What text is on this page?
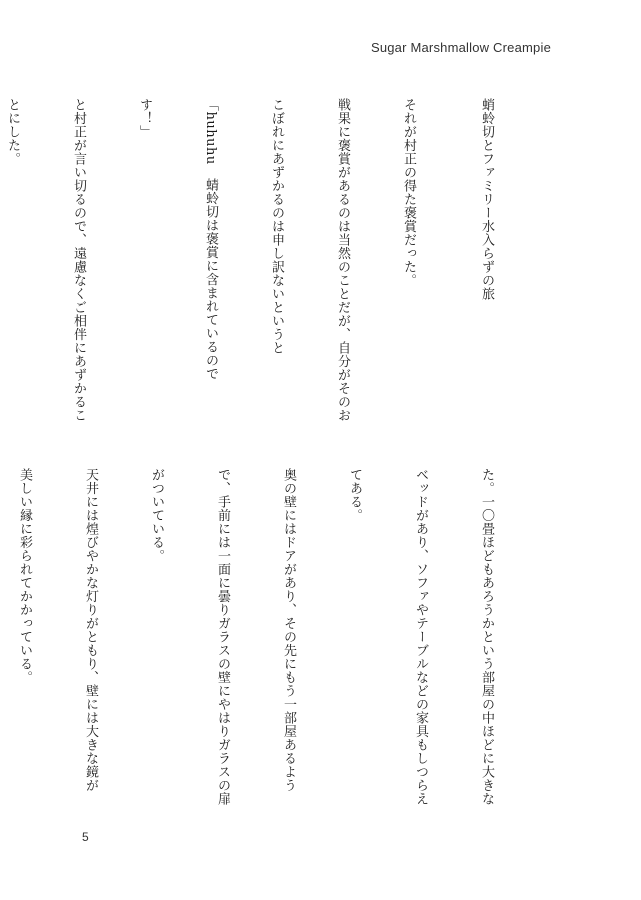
Sugar Marshmallow Creampie

蛸蛉切とファミリー水入らずの旅

それが村正の得た褒賞だった。

戦果に褒賞があるのは当然のことだが、自分がそのお

こぼれにあずかるのは申し訳ないというと

「huhuhu　蜻蛉切は褒賞に含まれているので

す！」

と村正が言い切るので、遠慮なくご相伴にあずかるこ

とにした。

た。一〇畳ほどもあろうかという部屋の中ほどに大きな

ベッドがあり、ソファやテーブルなどの家具もしつらえ

てある。

奥の壁にはドアがあり、その先にもう一部屋あるよう

で、手前には一面に曇りガラスの壁にやはりガラスの扉

がついている。

天井には煌びやかな灯りがともり、壁には大きな鏡が

美しい縁に彩られてかかっている。

5
